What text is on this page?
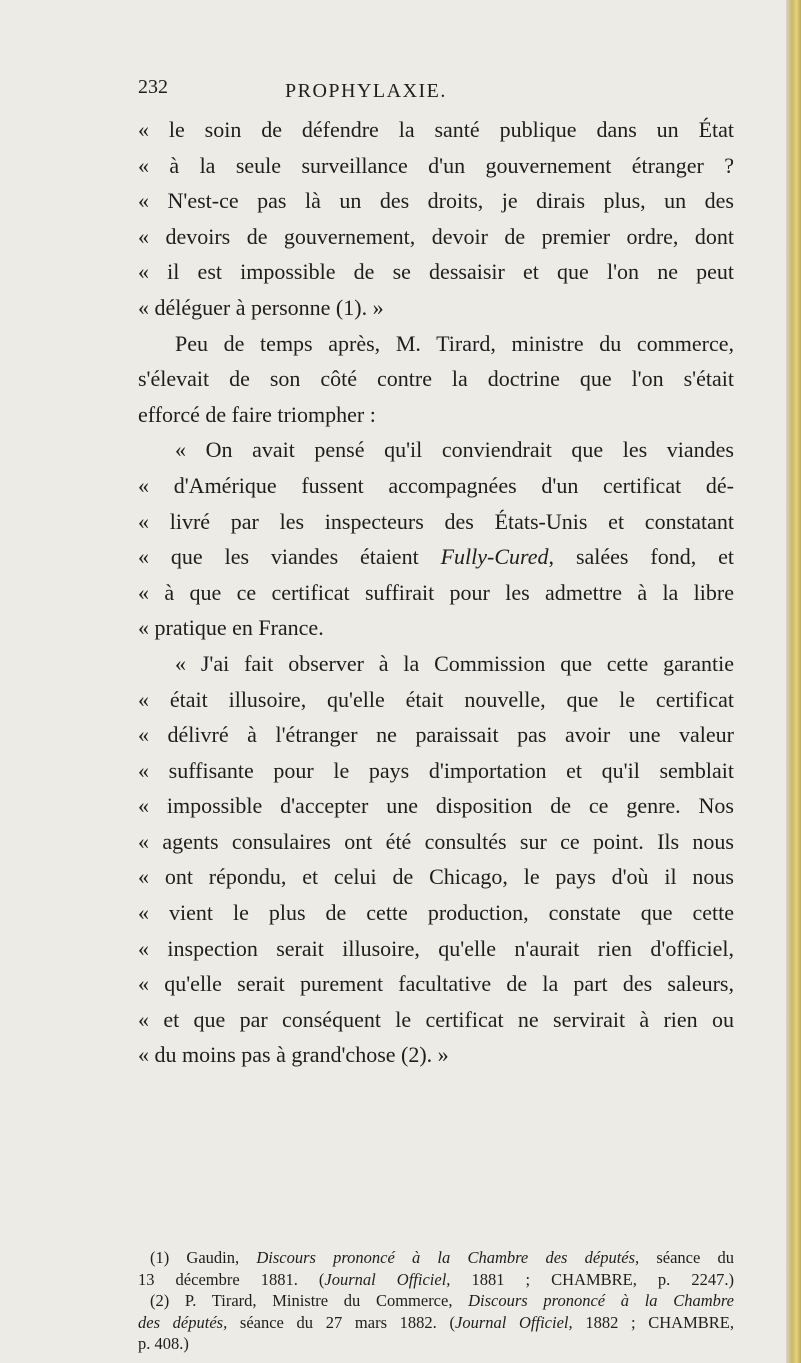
232	PROPHYLAXIE.
« le soin de défendre la santé publique dans un État
« à la seule surveillance d'un gouvernement étranger ?
« N'est-ce pas là un des droits, je dirais plus, un des
« devoirs de gouvernement, devoir de premier ordre, dont
« il est impossible de se dessaisir et que l'on ne peut
« déléguer à personne (1). »
Peu de temps après, M. Tirard, ministre du commerce,
s'élevait de son côté contre la doctrine que l'on s'était
efforcé de faire triompher :
« On avait pensé qu'il conviendrait que les viandes
« d'Amérique fussent accompagnées d'un certificat dé-
« livré par les inspecteurs des États-Unis et constatant
« que les viandes étaient Fully-Cured, salées fond, et
« à que ce certificat suffirait pour les admettre à la libre
« pratique en France.
« J'ai fait observer à la Commission que cette garantie
« était illusoire, qu'elle était nouvelle, que le certificat
« délivré à l'étranger ne paraissait pas avoir une valeur
« suffisante pour le pays d'importation et qu'il semblait
« impossible d'accepter une disposition de ce genre. Nos
« agents consulaires ont été consultés sur ce point. Ils nous
« ont répondu, et celui de Chicago, le pays d'où il nous
« vient le plus de cette production, constate que cette
« inspection serait illusoire, qu'elle n'aurait rien d'officiel,
« qu'elle serait purement facultative de la part des saleurs,
« et que par conséquent le certificat ne servirait à rien ou
« du moins pas à grand'chose (2). »
(1) Gaudin, Discours prononcé à la Chambre des députés, séance du
13 décembre 1881. (Journal Officiel, 1881 ; CHAMBRE, p. 2247.)
(2) P. Tirard, Ministre du Commerce, Discours prononcé à la Chambre
des députés, séance du 27 mars 1882. (Journal Officiel, 1882 ; CHAMBRE,
p. 408.)
